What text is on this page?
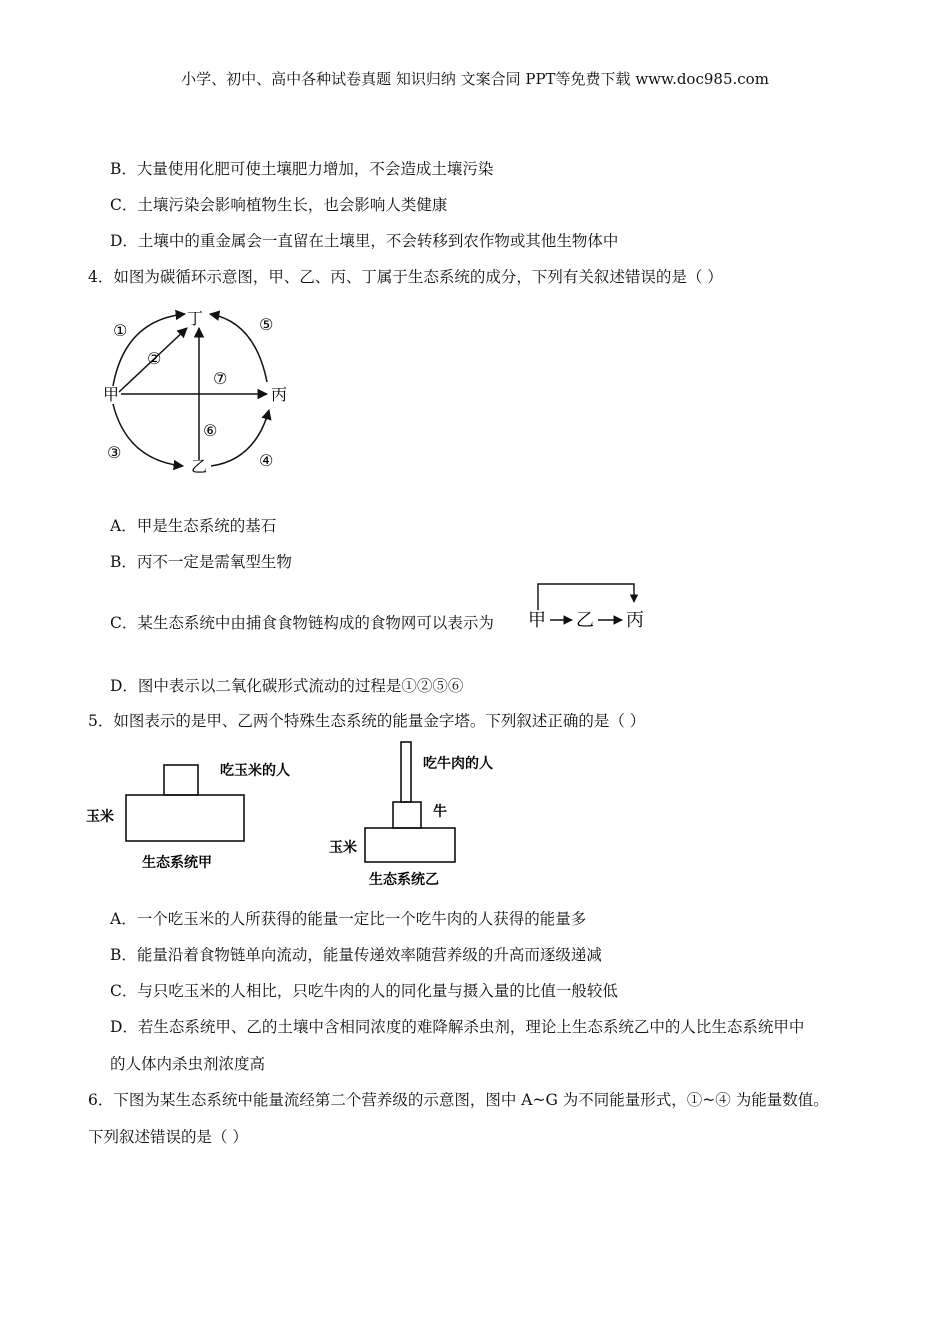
小学、初中、高中各种试卷真题 知识归纳 文案合同 PPT等免费下载 www.doc985.com
B．大量使用化肥可使土壤肥力增加，不会造成土壤污染
C．土壤污染会影响植物生长，也会影响人类健康
D．土壤中的重金属会一直留在土壤里，不会转移到农作物或其他生物体中
4．如图为碳循环示意图，甲、乙、丙、丁属于生态系统的成分，下列有关叙述错误的是（ ）
丁
甲	丙
乙
①
②
③	④
⑤
⑥
⑦
A．甲是生态系统的基石
B．丙不一定是需氧型生物
C．某生态系统中由捕食食物链构成的食物网可以表示为 甲 乙 丙
D．图中表示以二氧化碳形式流动的过程是①②⑤⑥
5．如图表示的是甲、乙两个特殊生态系统的能量金字塔。下列叙述正确的是（ ）
吃玉米的人
玉米
生态系统甲
吃牛肉的人
牛
玉米
生态系统乙
A．一个吃玉米的人所获得的能量一定比一个吃牛肉的人获得的能量多
B．能量沿着食物链单向流动，能量传递效率随营养级的升高而逐级递减
C．与只吃玉米的人相比，只吃牛肉的人的同化量与摄入量的比值一般较低
D．若生态系统甲、乙的土壤中含相同浓度的难降解杀虫剂，理论上生态系统乙中的人比生态系统甲中
的人体内杀虫剂浓度高
6．下图为某生态系统中能量流经第二个营养级的示意图，图中 A~G 为不同能量形式，①~④ 为能量数值。
下列叙述错误的是（ ）
